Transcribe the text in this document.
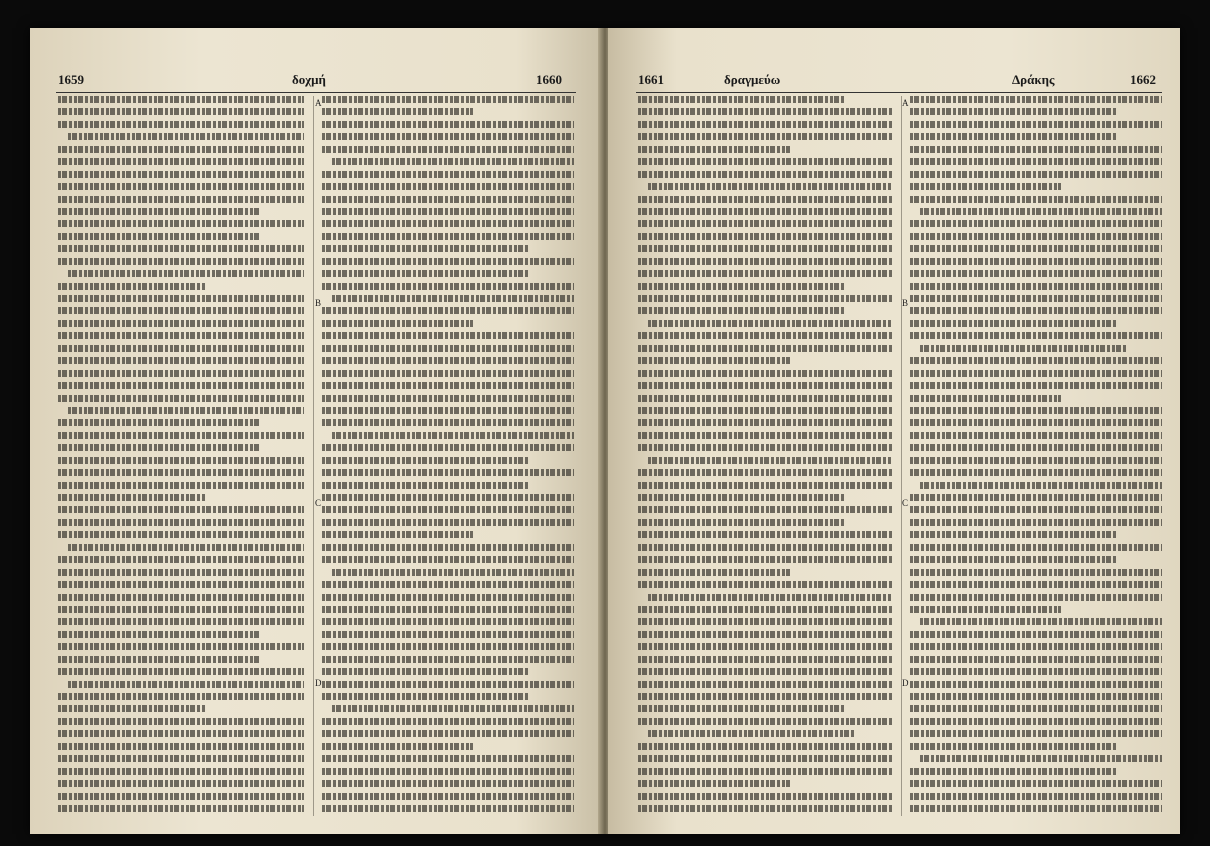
1659	δοχμή	1660
A
B
C
D
1661	δραγμεύω	Δράκης	1662
A
B
C
D
